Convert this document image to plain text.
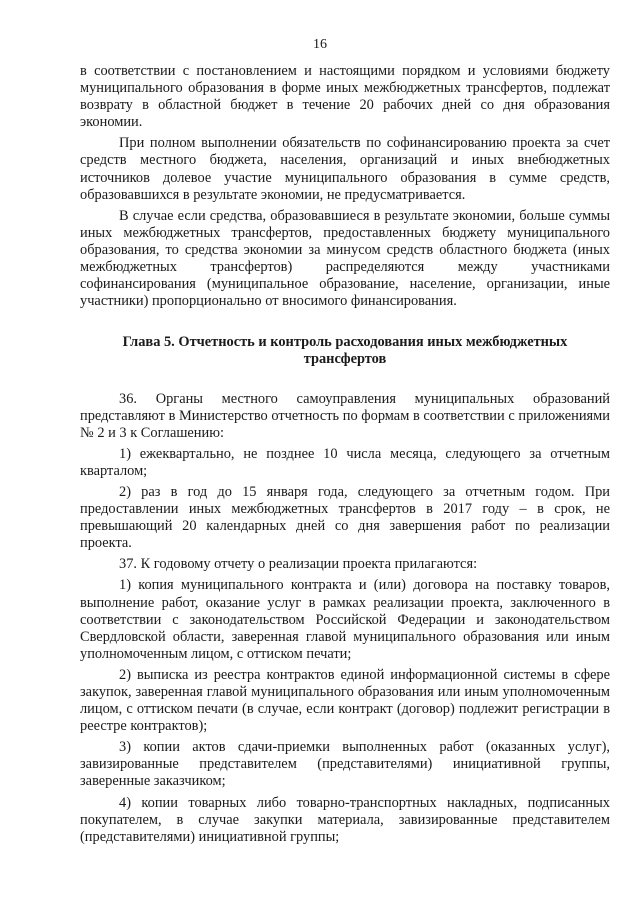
16

в соответствии с постановлением и настоящими порядком и условиями бюджету муниципального образования в форме иных межбюджетных трансфертов, подлежат возврату в областной бюджет в течение 20 рабочих дней со дня образования экономии.

При полном выполнении обязательств по софинансированию проекта за счет средств местного бюджета, населения, организаций и иных внебюджетных источников долевое участие муниципального образования в сумме средств, образовавшихся в результате экономии, не предусматривается.

В случае если средства, образовавшиеся в результате экономии, больше суммы иных межбюджетных трансфертов, предоставленных бюджету муниципального образования, то средства экономии за минусом средств областного бюджета (иных межбюджетных трансфертов) распределяются между участниками софинансирования (муниципальное образование, население, организации, иные участники) пропорционально от вносимого финансирования.

Глава 5. Отчетность и контроль расходования иных межбюджетных трансфертов

36. Органы местного самоуправления муниципальных образований представляют в Министерство отчетность по формам в соответствии с приложениями № 2 и 3 к Соглашению:

1) ежеквартально, не позднее 10 числа месяца, следующего за отчетным кварталом;

2) раз в год до 15 января года, следующего за отчетным годом. При предоставлении иных межбюджетных трансфертов в 2017 году – в срок, не превышающий 20 календарных дней со дня завершения работ по реализации проекта.

37. К годовому отчету о реализации проекта прилагаются:

1) копия муниципального контракта и (или) договора на поставку товаров, выполнение работ, оказание услуг в рамках реализации проекта, заключенного в соответствии с законодательством Российской Федерации и законодательством Свердловской области, заверенная главой муниципального образования или иным уполномоченным лицом, с оттиском печати;

2) выписка из реестра контрактов единой информационной системы в сфере закупок, заверенная главой муниципального образования или иным уполномоченным лицом, с оттиском печати (в случае, если контракт (договор) подлежит регистрации в реестре контрактов);

3) копии актов сдачи-приемки выполненных работ (оказанных услуг), завизированные представителем (представителями) инициативной группы, заверенные заказчиком;

4) копии товарных либо товарно-транспортных накладных, подписанных покупателем, в случае закупки материала, завизированные представителем (представителями) инициативной группы;
